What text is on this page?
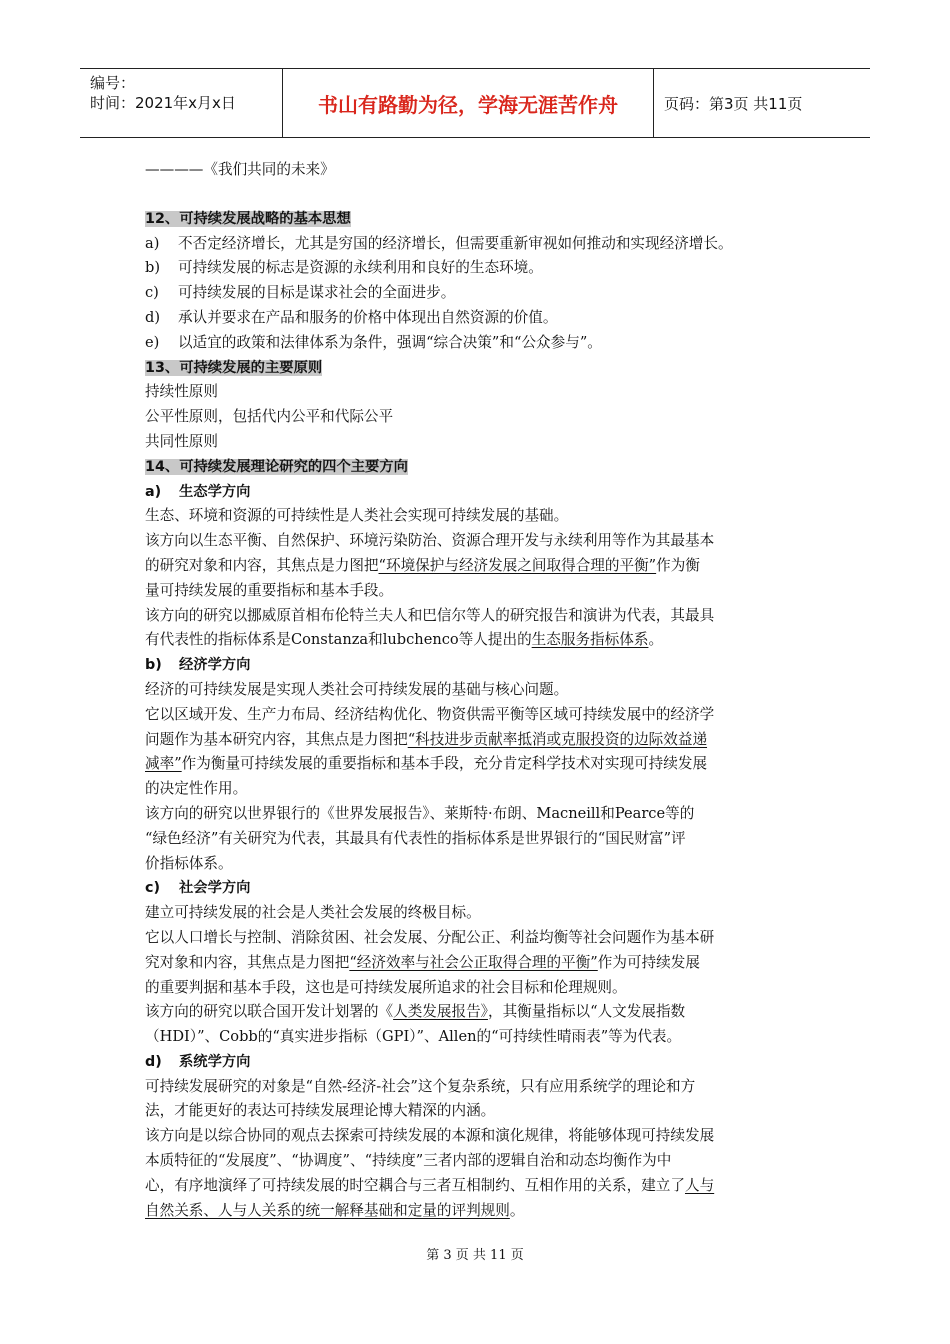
编号：
时间：2021年x月x日	书山有路勤为径，学海无涯苦作舟	页码：第3页 共11页
————《我们共同的未来》
12、可持续发展战略的基本思想
a) 不否定经济增长，尤其是穷国的经济增长，但需要重新审视如何推动和实现经济增长。
b) 可持续发展的标志是资源的永续利用和良好的生态环境。
c) 可持续发展的目标是谋求社会的全面进步。
d) 承认并要求在产品和服务的价格中体现出自然资源的价值。
e) 以适宜的政策和法律体系为条件，强调“综合决策”和“公众参与”。
13、可持续发展的主要原则
持续性原则
公平性原则，包括代内公平和代际公平
共同性原则
14、可持续发展理论研究的四个主要方向
a) 生态学方向
生态、环境和资源的可持续性是人类社会实现可持续发展的基础。
该方向以生态平衡、自然保护、环境污染防治、资源合理开发与永续利用等作为其最基本
的研究对象和内容，其焦点是力图把“环境保护与经济发展之间取得合理的平衡”作为衡
量可持续发展的重要指标和基本手段。
该方向的研究以挪威原首相布伦特兰夫人和巴信尔等人的研究报告和演讲为代表，其最具
有代表性的指标体系是Constanza和lubchenco等人提出的生态服务指标体系。
b) 经济学方向
经济的可持续发展是实现人类社会可持续发展的基础与核心问题。
它以区域开发、生产力布局、经济结构优化、物资供需平衡等区域可持续发展中的经济学
问题作为基本研究内容，其焦点是力图把“科技进步贡献率抵消或克服投资的边际效益递
减率”作为衡量可持续发展的重要指标和基本手段，充分肯定科学技术对实现可持续发展
的决定性作用。
该方向的研究以世界银行的《世界发展报告》、莱斯特·布朗、Macneill和Pearce等的
“绿色经济”有关研究为代表，其最具有代表性的指标体系是世界银行的“国民财富”评
价指标体系。
c) 社会学方向
建立可持续发展的社会是人类社会发展的终极目标。
它以人口增长与控制、消除贫困、社会发展、分配公正、利益均衡等社会问题作为基本研
究对象和内容，其焦点是力图把“经济效率与社会公正取得合理的平衡”作为可持续发展
的重要判据和基本手段，这也是可持续发展所追求的社会目标和伦理规则。
该方向的研究以联合国开发计划署的《人类发展报告》，其衡量指标以“人文发展指数
（HDI）”、Cobb的“真实进步指标（GPI）”、Allen的“可持续性晴雨表”等为代表。
d) 系统学方向
可持续发展研究的对象是“自然-经济-社会”这个复杂系统，只有应用系统学的理论和方
法，才能更好的表达可持续发展理论博大精深的内涵。
该方向是以综合协同的观点去探索可持续发展的本源和演化规律，将能够体现可持续发展
本质特征的“发展度”、“协调度”、“持续度”三者内部的逻辑自治和动态均衡作为中
心，有序地演绎了可持续发展的时空耦合与三者互相制约、互相作用的关系，建立了人与
自然关系、人与人关系的统一解释基础和定量的评判规则。
第 3 页 共 11 页
